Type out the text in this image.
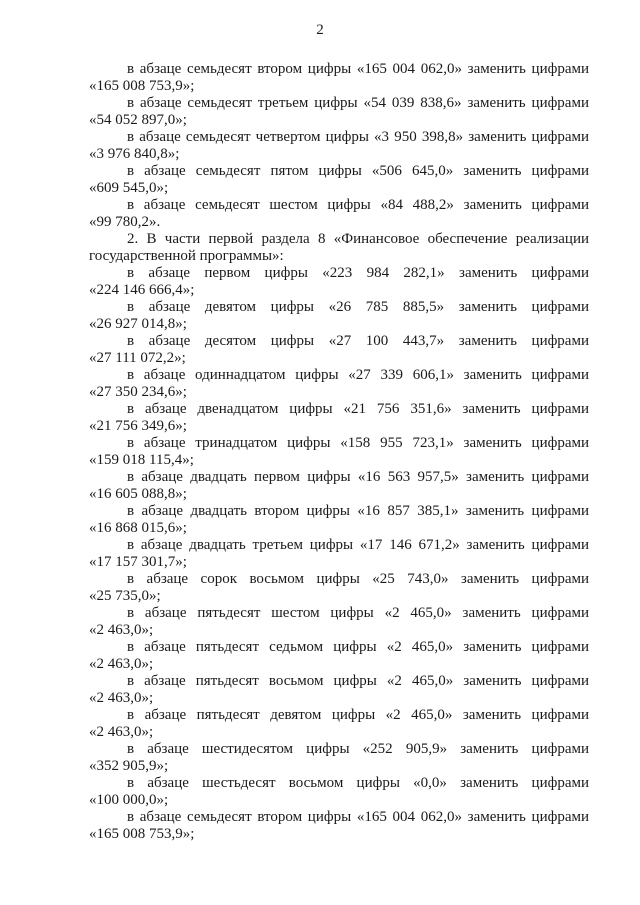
2
в абзаце семьдесят втором цифры «165 004 062,0» заменить цифрами
«165 008 753,9»;
в абзаце семьдесят третьем цифры «54 039 838,6» заменить цифрами
«54 052 897,0»;
в абзаце семьдесят четвертом цифры «3 950 398,8» заменить цифрами
«3 976 840,8»;
в абзаце семьдесят пятом цифры «506 645,0» заменить цифрами
«609 545,0»;
в абзаце семьдесят шестом цифры «84 488,2» заменить цифрами
«99 780,2».
2. В части первой раздела 8 «Финансовое обеспечение реализации
государственной программы»:
в абзаце первом цифры «223 984 282,1» заменить цифрами
«224 146 666,4»;
в абзаце девятом цифры «26 785 885,5» заменить цифрами
«26 927 014,8»;
в абзаце десятом цифры «27 100 443,7» заменить цифрами
«27 111 072,2»;
в абзаце одиннадцатом цифры «27 339 606,1» заменить цифрами
«27 350 234,6»;
в абзаце двенадцатом цифры «21 756 351,6» заменить цифрами
«21 756 349,6»;
в абзаце тринадцатом цифры «158 955 723,1» заменить цифрами
«159 018 115,4»;
в абзаце двадцать первом цифры «16 563 957,5» заменить цифрами
«16 605 088,8»;
в абзаце двадцать втором цифры «16 857 385,1» заменить цифрами
«16 868 015,6»;
в абзаце двадцать третьем цифры «17 146 671,2» заменить цифрами
«17 157 301,7»;
в абзаце сорок восьмом цифры «25 743,0» заменить цифрами
«25 735,0»;
в абзаце пятьдесят шестом цифры «2 465,0» заменить цифрами
«2 463,0»;
в абзаце пятьдесят седьмом цифры «2 465,0» заменить цифрами
«2 463,0»;
в абзаце пятьдесят восьмом цифры «2 465,0» заменить цифрами
«2 463,0»;
в абзаце пятьдесят девятом цифры «2 465,0» заменить цифрами
«2 463,0»;
в абзаце шестидесятом цифры «252 905,9» заменить цифрами
«352 905,9»;
в абзаце шестьдесят восьмом цифры «0,0» заменить цифрами
«100 000,0»;
в абзаце семьдесят втором цифры «165 004 062,0» заменить цифрами
«165 008 753,9»;
